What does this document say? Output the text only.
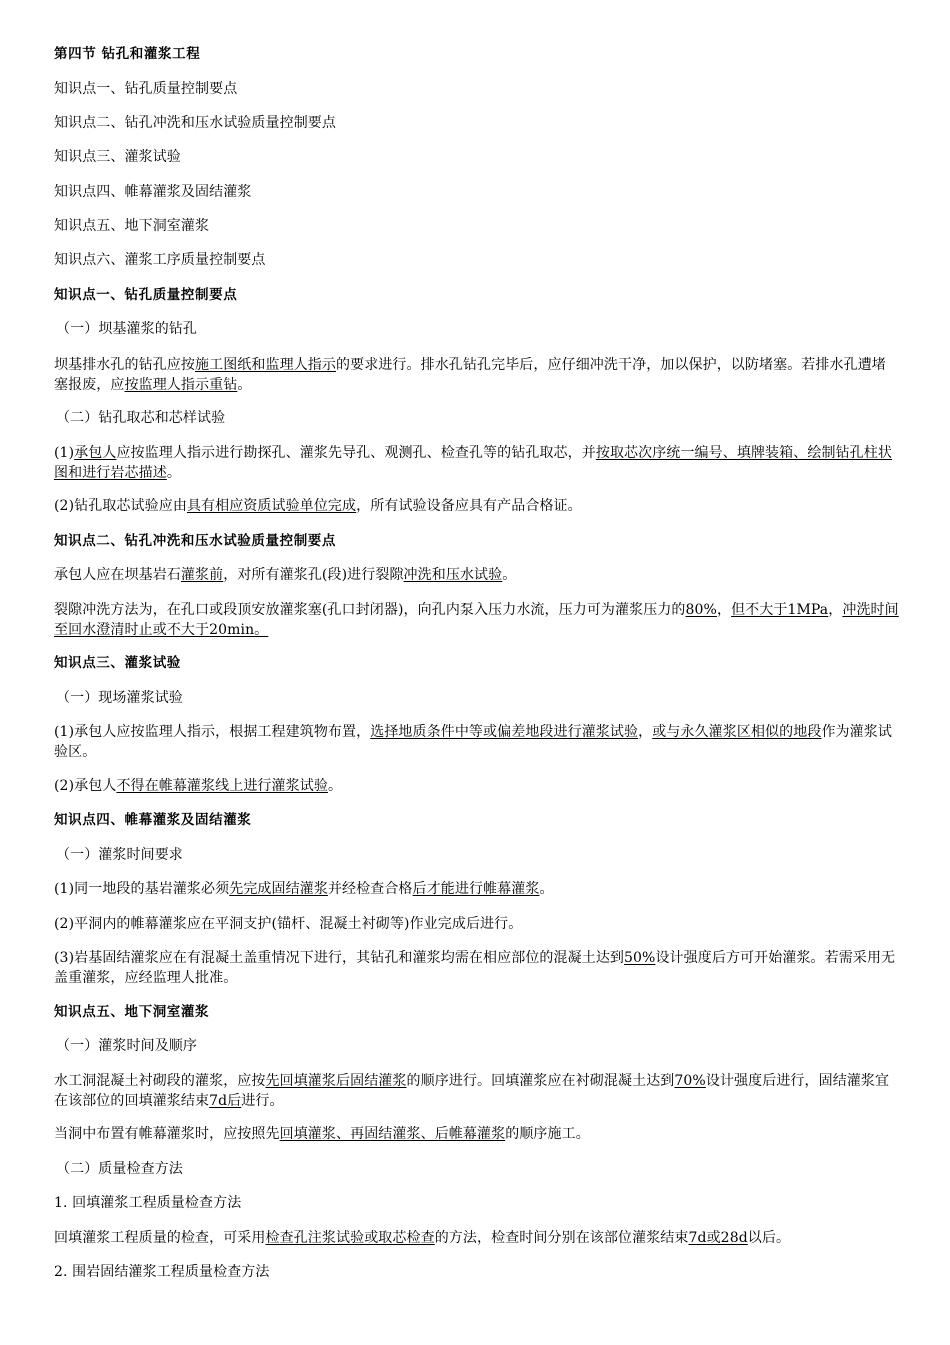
第四节 钻孔和灌浆工程
知识点一、钻孔质量控制要点
知识点二、钻孔冲洗和压水试验质量控制要点
知识点三、灌浆试验
知识点四、帷幕灌浆及固结灌浆
知识点五、地下洞室灌浆
知识点六、灌浆工序质量控制要点
知识点一、钻孔质量控制要点
（一）坝基灌浆的钻孔
坝基排水孔的钻孔应按施工图纸和监理人指示的要求进行。排水孔钻孔完毕后，应仔细冲洗干净，加以保护，以防堵塞。若排水孔遭堵塞报废，应按监理人指示重钻。
（二）钻孔取芯和芯样试验
(1)承包人应按监理人指示进行勘探孔、灌浆先导孔、观测孔、检查孔等的钻孔取芯，并按取芯次序统一编号、填牌装箱、绘制钻孔柱状图和进行岩芯描述。
(2)钻孔取芯试验应由具有相应资质试验单位完成，所有试验设备应具有产品合格证。
知识点二、钻孔冲洗和压水试验质量控制要点
承包人应在坝基岩石灌浆前，对所有灌浆孔(段)进行裂隙冲洗和压水试验。
裂隙冲洗方法为，在孔口或段顶安放灌浆塞(孔口封闭器)，向孔内泵入压力水流，压力可为灌浆压力的80%，但不大于1MPa，冲洗时间至回水澄清时止或不大于20min。
知识点三、灌浆试验
（一）现场灌浆试验
(1)承包人应按监理人指示，根据工程建筑物布置，选择地质条件中等或偏差地段进行灌浆试验，或与永久灌浆区相似的地段作为灌浆试验区。
(2)承包人不得在帷幕灌浆线上进行灌浆试验。
知识点四、帷幕灌浆及固结灌浆
（一）灌浆时间要求
(1)同一地段的基岩灌浆必须先完成固结灌浆并经检查合格后才能进行帷幕灌浆。
(2)平洞内的帷幕灌浆应在平洞支护(锚杆、混凝土衬砌等)作业完成后进行。
(3)岩基固结灌浆应在有混凝土盖重情况下进行，其钻孔和灌浆均需在相应部位的混凝土达到50%设计强度后方可开始灌浆。若需采用无盖重灌浆，应经监理人批准。
知识点五、地下洞室灌浆
（一）灌浆时间及顺序
水工洞混凝土衬砌段的灌浆，应按先回填灌浆后固结灌浆的顺序进行。回填灌浆应在衬砌混凝土达到70%设计强度后进行，固结灌浆宜在该部位的回填灌浆结束7d后进行。
当洞中布置有帷幕灌浆时，应按照先回填灌浆、再固结灌浆、后帷幕灌浆的顺序施工。
（二）质量检查方法
1. 回填灌浆工程质量检查方法
回填灌浆工程质量的检查，可采用检查孔注浆试验或取芯检查的方法，检查时间分别在该部位灌浆结束7d或28d以后。
2. 围岩固结灌浆工程质量检查方法
